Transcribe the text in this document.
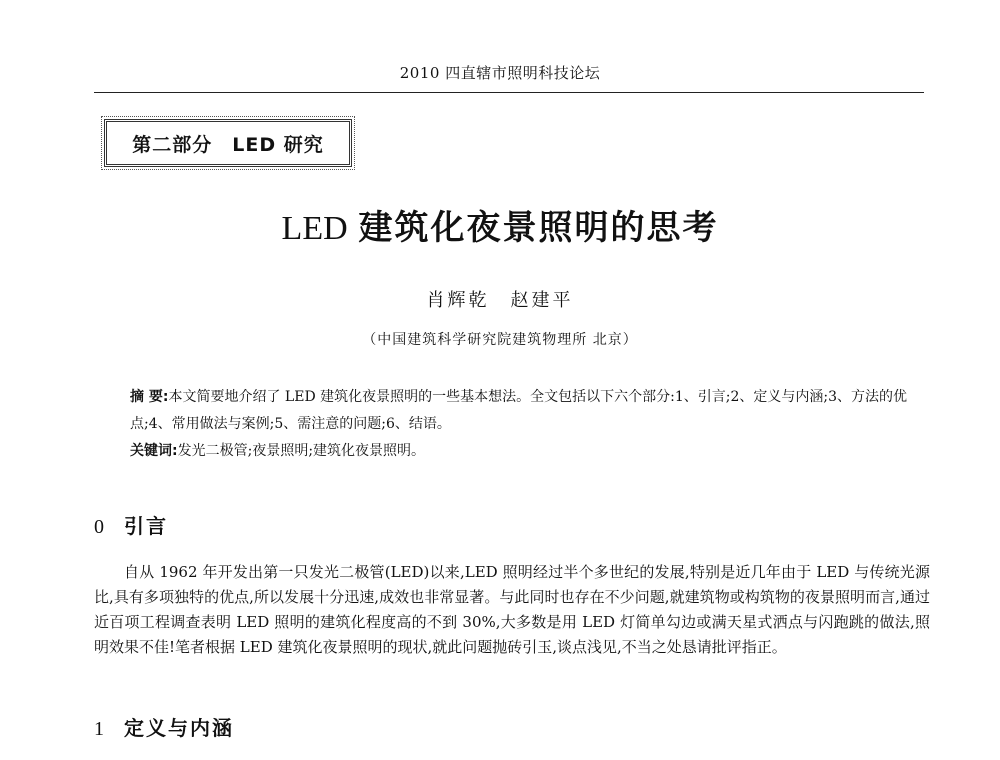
2010 四直辖市照明科技论坛
第二部分　LED 研究
LED 建筑化夜景照明的思考
肖辉乾　赵建平
（中国建筑科学研究院建筑物理所 北京）

摘 要:本文简要地介绍了 LED 建筑化夜景照明的一些基本想法。全文包括以下六个部分:1、引言;2、定义与内涵;3、方法的优点;4、常用做法与案例;5、需注意的问题;6、结语。

关键词:发光二极管;夜景照明;建筑化夜景照明。

0 引言

自从 1962 年开发出第一只发光二极管(LED)以来,LED 照明经过半个多世纪的发展,特别是近几年由于 LED 与传统光源比,具有多项独特的优点,所以发展十分迅速,成效也非常显著。与此同时也存在不少问题,就建筑物或构筑物的夜景照明而言,通过近百项工程调查表明 LED 照明的建筑化程度高的不到 30%,大多数是用 LED 灯简单勾边或满天星式洒点与闪跑跳的做法,照明效果不佳!笔者根据 LED 建筑化夜景照明的现状,就此问题抛砖引玉,谈点浅见,不当之处恳请批评指正。

1 定义与内涵
